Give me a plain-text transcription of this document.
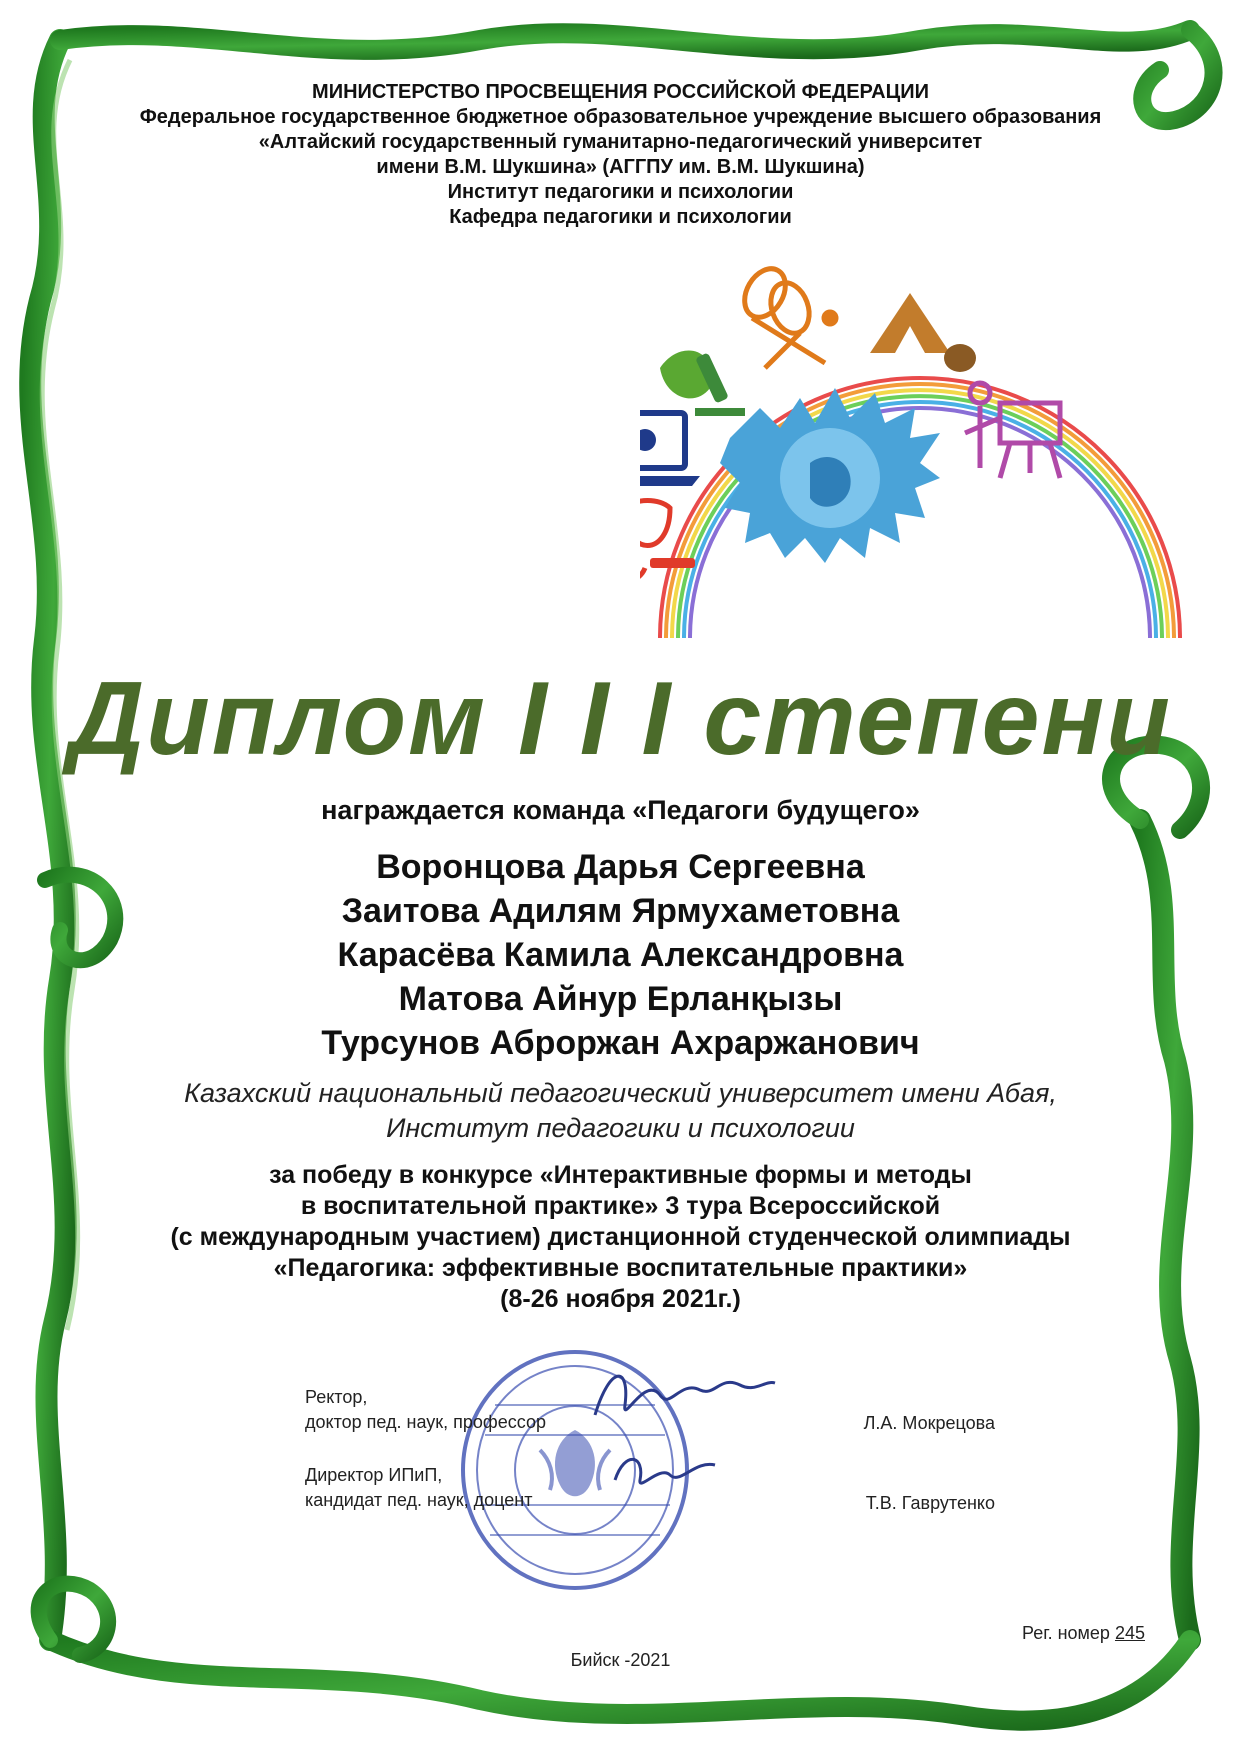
МИНИСТЕРСТВО ПРОСВЕЩЕНИЯ РОССИЙСКОЙ ФЕДЕРАЦИИ
Федеральное государственное бюджетное образовательное учреждение высшего образования
«Алтайский государственный гуманитарно-педагогический университет
имени В.М. Шукшина» (АГГПУ им. В.М. Шукшина)
Институт педагогики и психологии
Кафедра педагогики и психологии
Диплом I I I степени
награждается команда «Педагоги будущего»
Воронцова Дарья Сергеевна
Заитова Адилям Ярмухаметовна
Карасёва Камила Александровна
Матова Айнур Ерланқызы
Турсунов Аброржан Ахраржанович
Казахский национальный педагогический университет имени Абая,
Институт педагогики и психологии
за победу в конкурсе «Интерактивные формы и методы
в воспитательной практике» 3 тура Всероссийской
(с международным участием) дистанционной студенческой олимпиады
«Педагогика: эффективные воспитательные практики»
(8-26 ноября 2021г.)
Ректор,
доктор пед. наук, профессор	Л.А. Мокрецова
Директор ИПиП,
кандидат пед. наук, доцент	Т.В. Гаврутенко
Рег. номер 245
Бийск -2021
